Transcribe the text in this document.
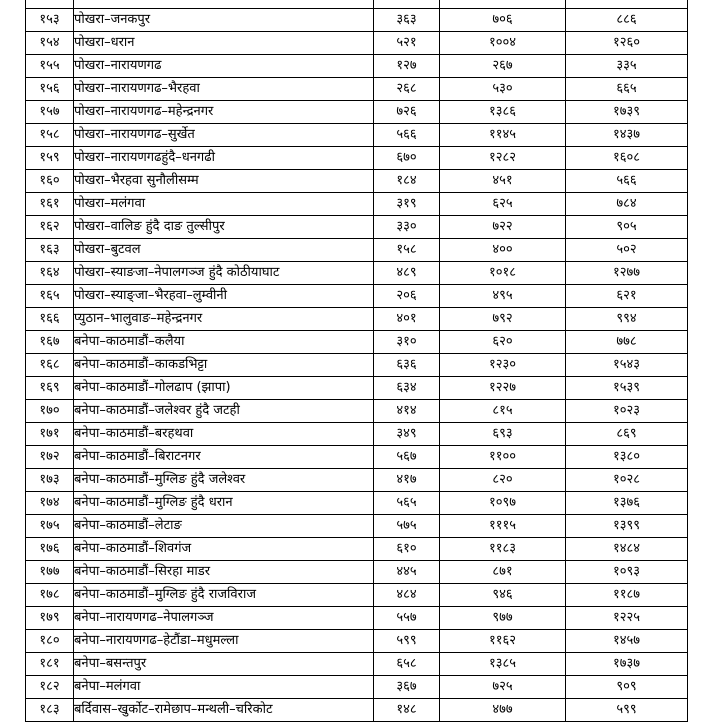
१५३	पोखरा–जनकपुर	३६३	७०६	८८६
१५४	पोखरा–धरान	५२१	१००४	१२६०
१५५	पोखरा–नारायणगढ	१२७	२६७	३३५
१५६	पोखरा–नारायणगढ–भैरहवा	२६८	५३०	६६५
१५७	पोखरा–नारायणगढ–महेन्द्रनगर	७२६	१३८६	१७३९
१५८	पोखरा–नारायणगढ–सुर्खेत	५६६	११४५	१४३७
१५९	पोखरा–नारायणगढहुंदै–धनगढी	६७०	१२८२	१६०८
१६०	पोखरा–भैरहवा सुनौलीसम्म	१८४	४५१	५६६
१६१	पोखरा–मलंगवा	३१९	६२५	७८४
१६२	पोखरा–वालिङ हुंदै दाङ तुल्सीपुर	३३०	७२२	९०५
१६३	पोखरा–बुटवल	१५८	४००	५०२
१६४	पोखरा–स्याङजा–नेपालगञ्ज हुंदै कोठीयाघाट	४८९	१०१८	१२७७
१६५	पोखरा–स्याङ्जा–भैरहवा–लुम्वीनी	२०६	४९५	६२१
१६६	प्युठान–भालुवाङ–महेन्द्रनगर	४०१	७९२	९९४
१६७	बनेपा–काठमाडौं–कलैया	३१०	६२०	७७८
१६८	बनेपा–काठमाडौं–काकडभिट्टा	६३६	१२३०	१५४३
१६९	बनेपा–काठमाडौं–गोलढाप (झापा)	६३४	१२२७	१५३९
१७०	बनेपा–काठमाडौं–जलेश्वर हुंदै जटही	४१४	८१५	१०२३
१७१	बनेपा–काठमाडौं–बरहथवा	३४९	६९३	८६९
१७२	बनेपा–काठमाडौं–बिराटनगर	५६७	११००	१३८०
१७३	बनेपा–काठमाडौं–मुग्लिङ हुंदै जलेश्वर	४१७	८२०	१०२८
१७४	बनेपा–काठमाडौं–मुग्लिङ हुंदै धरान	५६५	१०९७	१३७६
१७५	बनेपा–काठमाडौं–लेटाङ	५७५	१११५	१३९९
१७६	बनेपा–काठमाडौं–शिवगंज	६१०	११८३	१४८४
१७७	बनेपा–काठमाडौं–सिरहा माडर	४४५	८७१	१०९३
१७८	बनेपा–काठमाडौं–मुग्लिङ हुंदै राजविराज	४८४	९४६	११८७
१७९	बनेपा–नारायणगढ–नेपालगञ्ज	५५७	९७७	१२२५
१८०	बनेपा–नारायणगढ–हेटौंडा–मधुमल्ला	५९९	११६२	१४५७
१८१	बनेपा–बसन्तपुर	६५८	१३८५	१७३७
१८२	बनेपा–मलंगवा	३६७	७२५	९०९
१८३	बर्दिवास–खुर्कोट–रामेछाप–मन्थली–चरिकोट	१४८	४७७	५९९
